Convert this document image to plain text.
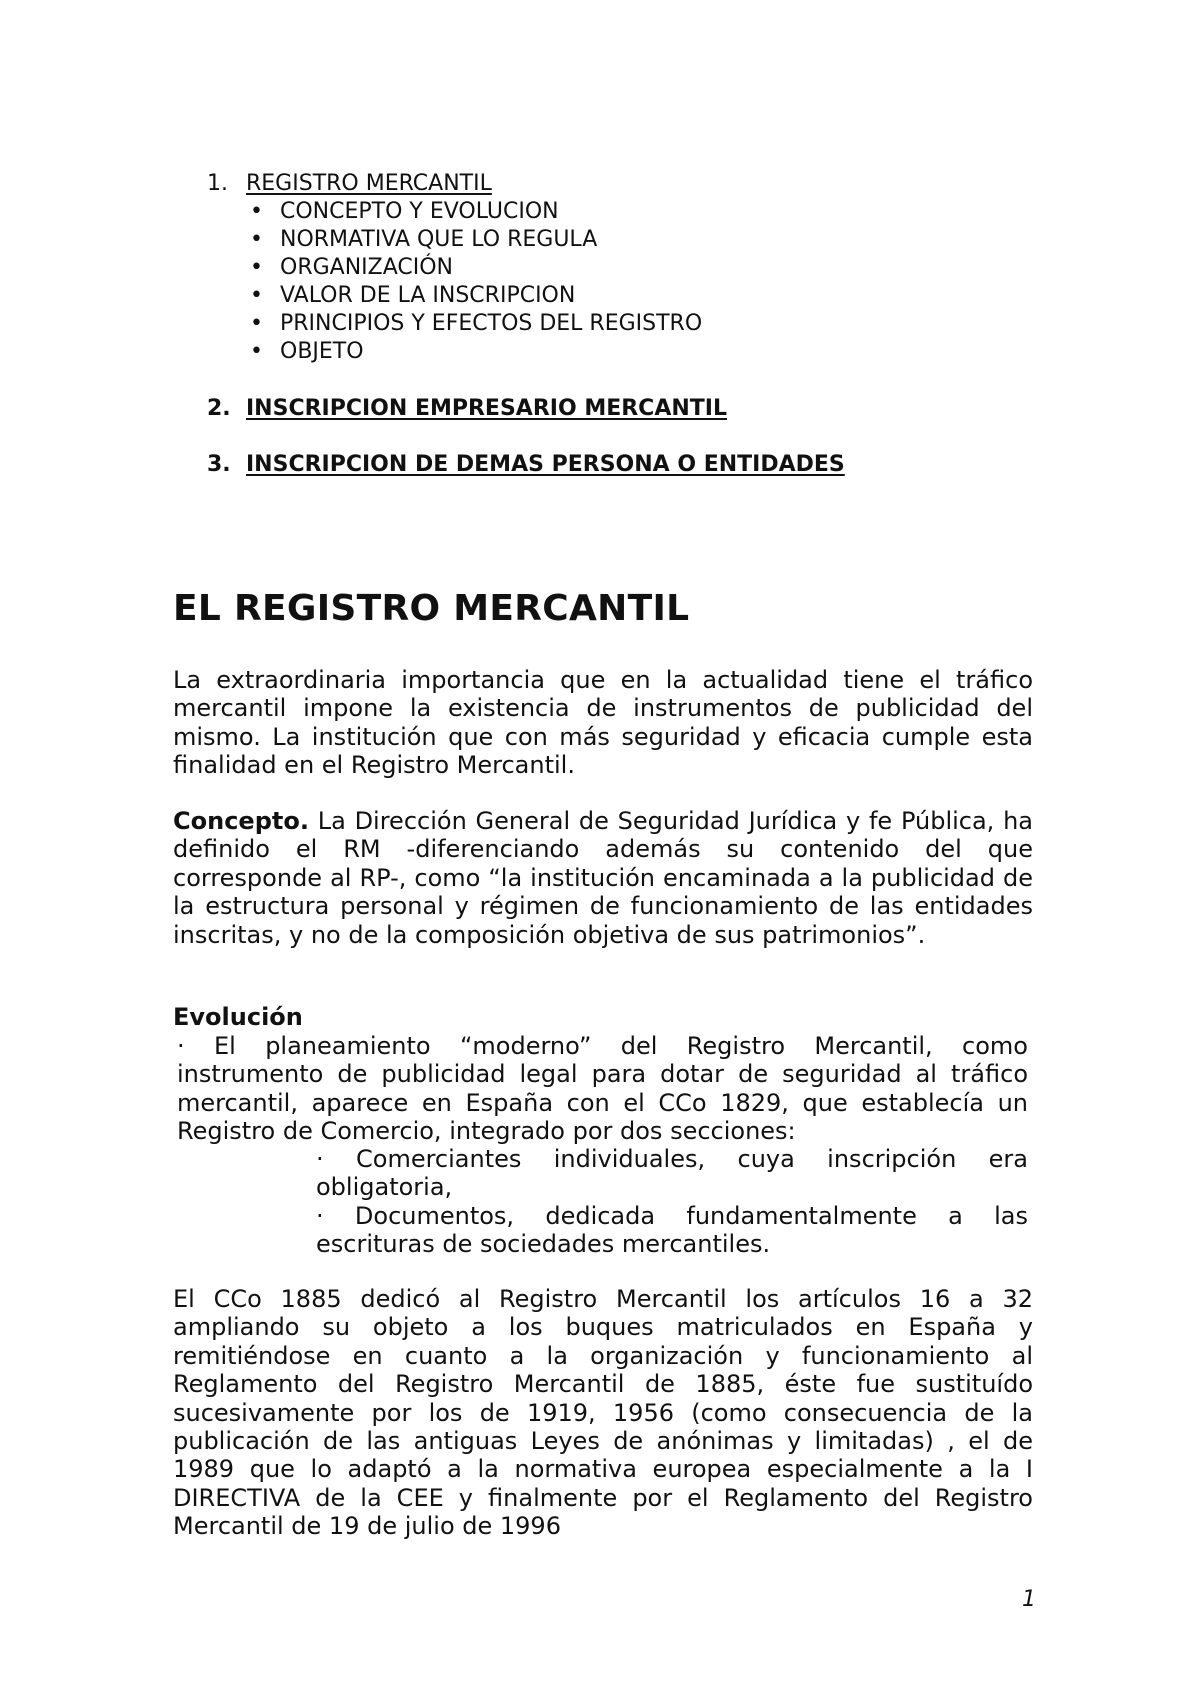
1. REGISTRO MERCANTIL
• CONCEPTO Y EVOLUCION
• NORMATIVA QUE LO REGULA
• ORGANIZACIÓN
• VALOR DE LA INSCRIPCION
• PRINCIPIOS Y EFECTOS DEL REGISTRO
• OBJETO
2. INSCRIPCION EMPRESARIO MERCANTIL
3. INSCRIPCION DE DEMAS PERSONA O ENTIDADES
EL REGISTRO MERCANTIL

La extraordinaria importancia que en la actualidad tiene el tráfico mercantil impone la existencia de instrumentos de publicidad del mismo. La institución que con más seguridad y eficacia cumple esta finalidad en el Registro Mercantil.

Concepto. La Dirección General de Seguridad Jurídica y fe Pública, ha definido el RM -diferenciando además su contenido del que corresponde al RP-, como “la institución encaminada a la publicidad de la estructura personal y régimen de funcionamiento de las entidades inscritas, y no de la composición objetiva de sus patrimonios”.

Evolución

· El planeamiento “moderno” del Registro Mercantil, como instrumento de publicidad legal para dotar de seguridad al tráfico mercantil, aparece en España con el CCo 1829, que establecía un Registro de Comercio, integrado por dos secciones:

· Comerciantes individuales, cuya inscripción era obligatoria,

· Documentos, dedicada fundamentalmente a las escrituras de sociedades mercantiles.

El CCo 1885 dedicó al Registro Mercantil los artículos 16 a 32 ampliando su objeto a los buques matriculados en España y remitiéndose en cuanto a la organización y funcionamiento al Reglamento del Registro Mercantil de 1885, éste fue sustituído sucesivamente por los de 1919, 1956 (como consecuencia de la publicación de las antiguas Leyes de anónimas y limitadas) , el de 1989 que lo adaptó a la normativa europea especialmente a la I DIRECTIVA de la CEE y finalmente por el Reglamento del Registro Mercantil de 19 de julio de 1996

1
